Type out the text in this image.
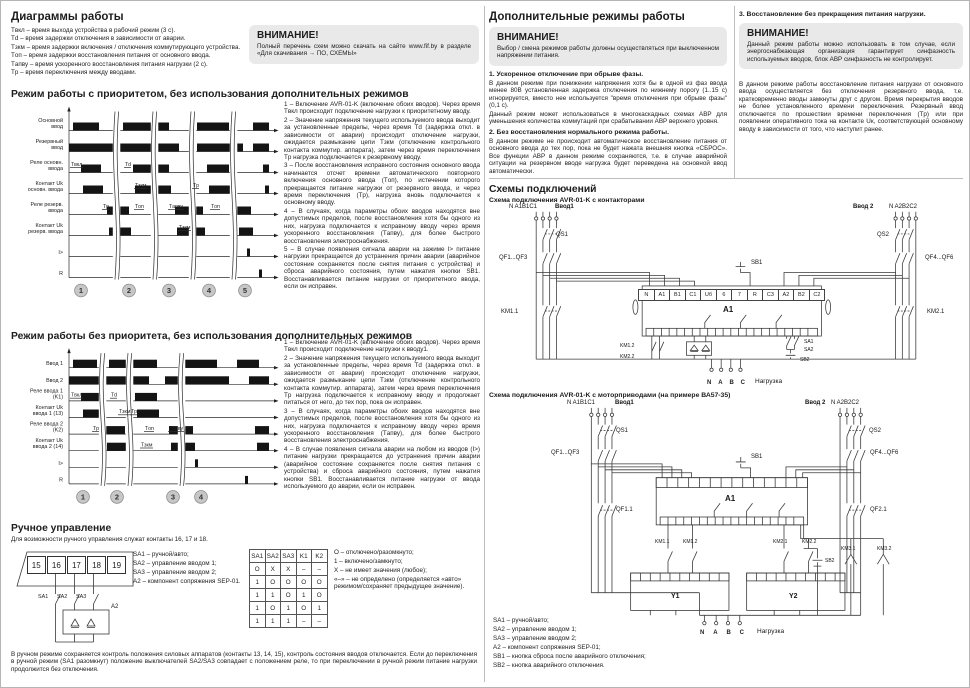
Диаграммы работы
Tвкл – время выхода устройства в рабочий режим (3 с).
Td – время задержки отключения в зависимости от аварии.
Tзкм – время задержки включения / отключения коммутирующего устройства.
Tоп – время задержки восстановления питания от основного ввода.
Tапву – время ускоренного восстановления питания нагрузки (2 с).
Tр – время переключения между вводами.
ВНИМАНИЕ!
Полный перечень схем можно скачать на сайте www.fif.by в разделе «Для скачивания → ПО, СХЕМЫ»
Режим работы с приоритетом, без использования дополнительных режимов
Основной
ввод
Резервный
ввод
Реле основн.
ввода
Контакт Uk
основн. ввода
Реле резерв.
ввода
Контакт Uk
резерв. ввода
I>
R
Tвкл	Td
Tзкм
Tр	Tоп	Tапву
Tзкм
Tр
Tоп
1	2	3	4	5
1 – Включение AVR-01-K (включение обоих вводов). Через время Tвкл происходит подключение нагрузки к приоритетному вводу.
2 – Значение напряжения текущего используемого ввода выходит за установленные пределы, через время Td (задержка откл. в зависимости от аварии) происходит отключение нагрузки, ожидается размыкание цепи Tзкм (отключение контрольного контакта коммутир. аппарата), затем через время переключения Tр нагрузка подключается к резервному вводу.
3 – После восстановления исправного состояния основного ввода начинается отсчет времени автоматического повторного включения основного ввода (Tоп), по истечении которого прекращается питание нагрузки от резервного ввода, и через время переключения (Tр), нагрузка вновь подключается к основному вводу.
4 – В случаях, когда параметры обоих вводов находятся вне допустимых пределов, после восстановления хотя бы одного из них, нагрузка подключается к исправному вводу через время ускоренного восстановления (Tапву), для более быстрого восстановления электроснабжения.
5 – В случае появления сигнала аварии на зажиме I> питание нагрузки прекращается до устранения причин аварии (аварийное состояние сохраняется после снятия питания с устройства) и сброса аварийного состояния, путем нажатия кнопки SB1. Восстанавливается питание нагрузки от приоритетного ввода, если он исправен.
Режим работы без приоритета, без использования дополнительных режимов
Ввод 1
Ввод 2
Реле ввода 1
(K1)
Контакт Uk
ввода 1 (13)
Реле ввода 2
(K2)
Контакт Uk
ввода 2 (14)
I>
R
Tвкл	Td
Tзкм Tр
Tр	Tоп	Tапву
Tзкм
1	2	3	4
1 – Включение AVR-01-K (включение обоих вводов). Через время Tвкл происходит подключение нагрузки к вводу1.
2 – Значение напряжения текущего используемого ввода выходит за установленные пределы, через время Td (задержка откл. в зависимости от аварии) происходит отключение нагрузки, ожидается размыкание цепи Tзкм (отключение контрольного контакта коммутир. аппарата), затем через время переключения Tр нагрузка подключается к исправному вводу и продолжает питаться от него, до тех пор, пока он исправен.
3 – В случаях, когда параметры обоих вводов находятся вне допустимых пределов, после восстановления хотя бы одного из них, нагрузка подключается к исправному вводу через время ускоренного восстановления (Tапву), для более быстрого восстановления электроснабжения.
4 – В случае появления сигнала аварии на любом из вводов (I>) питание нагрузки прекращается до устранения причин аварии (аварийное состояние сохраняется после снятия питания с устройства) и сброса аварийного состояния, путем нажатия кнопки SB1. Восстанавливается питание нагрузки от ввода используемого до аварии, если он исправен.
Ручное управление
Для возможности ручного управления служат контакты 16, 17 и 18.
15	16	17	18	19
SA1	SA2	SA3
A2
SA1 – ручной/авто;
SA2 – управление вводом 1;
SA3 – управление вводом 2;
A2 – компонент сопряжения SEP-01.
SA1	SA2	SA3	K1	K2
O	X	X	–	–
1	O	O	O	O
1	1	O	1	O
1	O	1	O	1
1	1	1	–	–
O – отключено/разомкнуто;
1 – включено/замкнуто;
X – не имеет значения (любое);
«–» – не определено (определяется «авто» режимом/сохраняет предыдущее значение).
В ручном режиме сохраняется контроль положения силовых аппаратов (контакты 13, 14, 15), контроль состояния вводов отключается. Если до переключения в ручной режим (SA1 разомкнут) положение выключателей SA2/SA3 совпадает с положением реле, то при переключении в ручной режим питание нагрузки продолжится без отключения.
Дополнительные режимы работы
ВНИМАНИЕ!
Выбор / смена режимов работы должны осуществляться при выключенном напряжении питания.
1. Ускоренное отключение при обрыве фазы.
В данном режиме при понижении напряжения хотя бы в одной из фаз ввода менее 80В установленная задержка отключения по нижнему порогу (1..15 с) игнорируется, вместо нее используется "время отключения при обрыве фазы" (0,1 с).
Данный режим может использоваться в многокаскадных схемах АВР для уменьшения количества коммутаций при срабатывании АВР верхнего уровня.
2. Без восстановления нормального режима работы.
В данном режиме не происходит автоматическое восстановление питания от основного ввода до тех пор, пока не будет нажата внешняя кнопка «СБРОС». Все функции АВР в данном режиме сохраняются, т.е. в случае аварийной ситуации на резервном вводе нагрузка будет переведена на основной ввод автоматически.
3. Восстановление без прекращения питания нагрузки.
ВНИМАНИЕ!
Данный режим работы можно использовать в том случае, если энергоснабжающая организация гарантирует синфазность используемых вводов, блок АВР синфазность не контролирует.
В данном режиме работы восстановление питания нагрузки от основного ввода осуществляется без отключения резервного ввода, т.е. кратковременно вводы замкнуты друг с другом. Время перекрытия вводов не более установленного времени переключения. Резервный ввод отключается по прошествии времени переключения (Tр) или при появлении оперативного тока на контакте Uк, соответствующей основному вводу в зависимости от того, что наступит ранее.
Схемы подключений
Схема подключения AVR-01-K с контакторами
N	A1	B1	C1	Uб	6	7	R	C3	A2	B2	C2
N A1B1C1	Ввод1	Ввод 2	N A2B2C2
QS1	QS2
QF1...QF3	QF4...QF6
KM1.1	KM2.1
A1
SB1
KM1.2
KM2.2
SA1
SA2
SB2
N A B C Нагрузка
Схема подключения AVR-01-K с моторприводами (на примере ВА57-35)
N A1B1C1	Ввод1	Ввод 2 N A2B2C2
QS1	QS2
QF1...QF3	QF4...QF6
QF1.1	QF2.1
A1
SB1
KM1.1	KM1.2	KM2.1	KM2.2
KM3.1	KM3.2
SB2
Y1	Y2
N A B C Нагрузка
SA1 – ручной/авто;
SA2 – управление вводом 1;
SA3 – управление вводом 2;
A2 – компонент сопряжения SEP-01;
SB1 – кнопка сброса после аварийного отключения;
SB2 – кнопка аварийного отключения.
